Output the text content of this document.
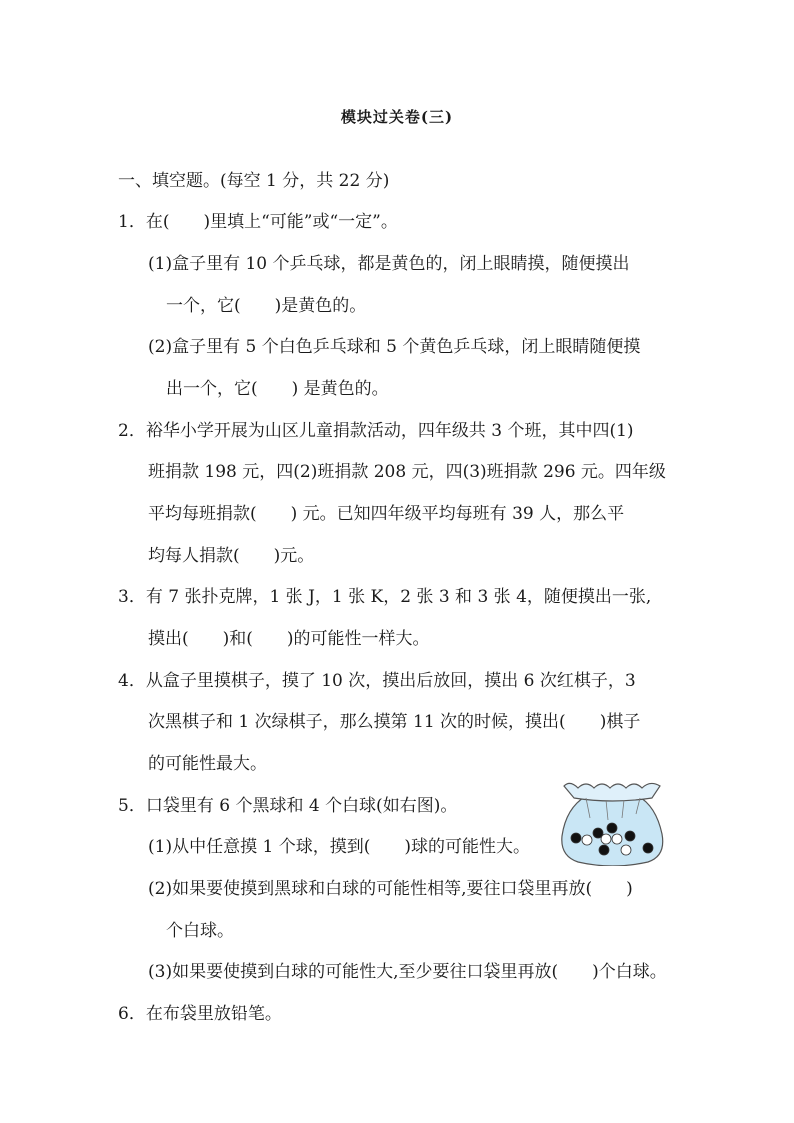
模块过关卷(三)
一、填空题。(每空 1 分，共 22 分)
1．在(　　)里填上“可能”或“一定”。
(1)盒子里有 10 个乒乓球，都是黄色的，闭上眼睛摸，随便摸出
一个，它(　　)是黄色的。
(2)盒子里有 5 个白色乒乓球和 5 个黄色乒乓球，闭上眼睛随便摸
出一个，它(　　) 是黄色的。
2．裕华小学开展为山区儿童捐款活动，四年级共 3 个班，其中四(1)
班捐款 198 元，四(2)班捐款 208 元，四(3)班捐款 296 元。四年级
平均每班捐款(　　) 元。已知四年级平均每班有 39 人，那么平
均每人捐款(　　)元。
3．有 7 张扑克牌，1 张 J，1 张 K，2 张 3 和 3 张 4，随便摸出一张,
摸出(　　)和(　　)的可能性一样大。
4．从盒子里摸棋子，摸了 10 次，摸出后放回，摸出 6 次红棋子，3
次黑棋子和 1 次绿棋子，那么摸第 11 次的时候，摸出(　　)棋子
的可能性最大。
5．口袋里有 6 个黑球和 4 个白球(如右图)。
(1)从中任意摸 1 个球，摸到(　　)球的可能性大。
(2)如果要使摸到黑球和白球的可能性相等,要往口袋里再放(　　)
个白球。
(3)如果要使摸到白球的可能性大,至少要往口袋里再放(　　)个白球。
6．在布袋里放铅笔。
